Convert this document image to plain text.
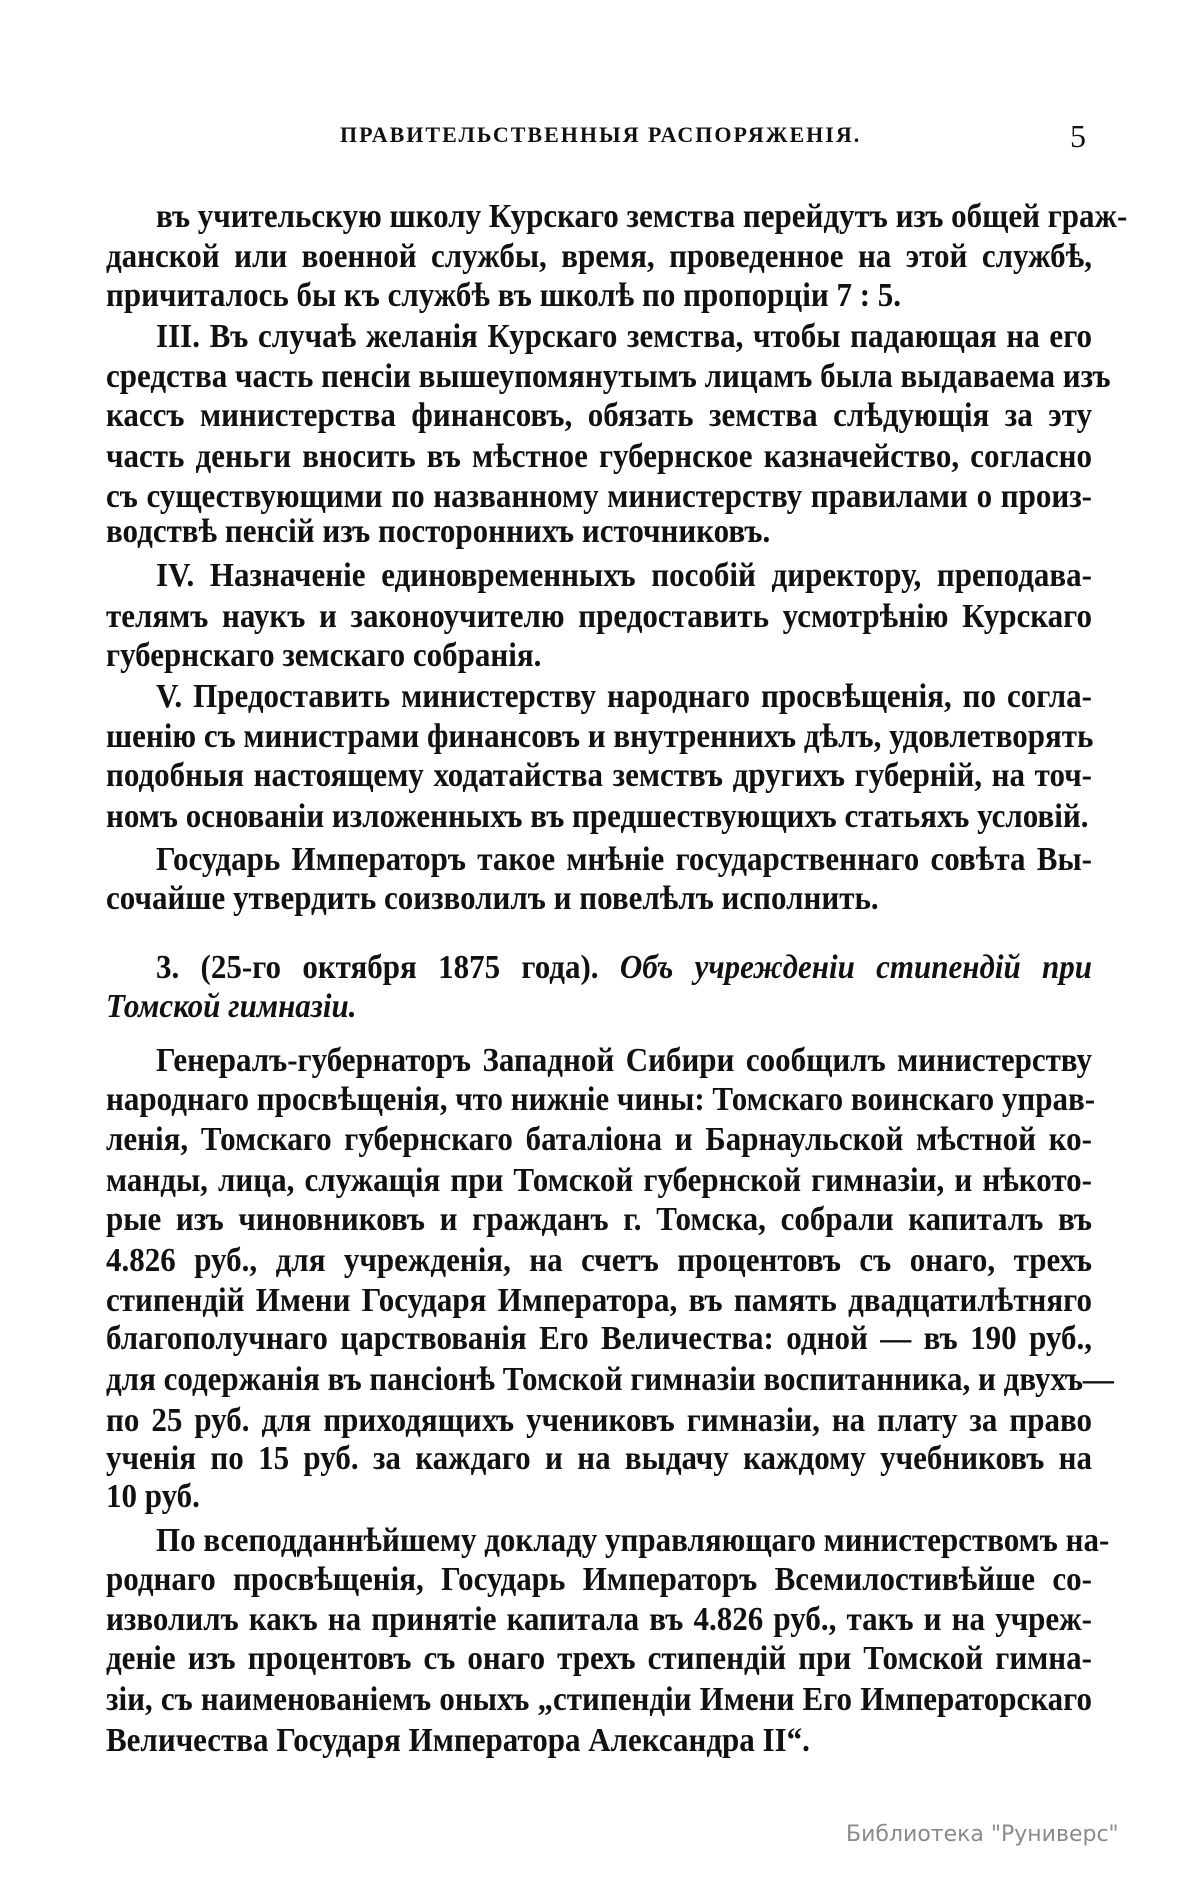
ПРАВИТЕЛЬСТВЕННЫЯ РАСПОРЯЖЕНІЯ.	5
въ учительскую школу Курскаго земства перейдутъ изъ общей граж-
данской или военной службы, время, проведенное на этой службѣ,
причиталось бы къ службѣ въ школѣ по пропорціи 7 : 5.
III. Въ случаѣ желанія Курскаго земства, чтобы падающая на его
средства часть пенсіи вышеупомянутымъ лицамъ была выдаваема изъ
кассъ министерства финансовъ, обязать земства слѣдующія за эту
часть деньги вносить въ мѣстное губернское казначейство, согласно
съ существующими по названному министерству правилами о произ-
водствѣ пенсій изъ постороннихъ источниковъ.
IV. Назначеніе единовременныхъ пособій директору, преподава-
телямъ наукъ и законоучителю предоставить усмотрѣнію Курскаго
губернскаго земскаго собранія.
V. Предоставить министерству народнаго просвѣщенія, по согла-
шенію съ министрами финансовъ и внутреннихъ дѣлъ, удовлетворять
подобныя настоящему ходатайства земствъ другихъ губерній, на точ-
номъ основаніи изложенныхъ въ предшествующихъ статьяхъ условій.
Государь Императоръ такое мнѣніе государственнаго совѣта Вы-
сочайше утвердить соизволилъ и повелѣлъ исполнить.
3. (25-го октября 1875 года). Объ учрежденіи стипендій при
Томской гимназіи.
Генералъ-губернаторъ Западной Сибири сообщилъ министерству
народнаго просвѣщенія, что нижніе чины: Томскаго воинскаго управ-
ленія, Томскаго губернскаго баталіона и Барнаульской мѣстной ко-
манды, лица, служащія при Томской губернской гимназіи, и нѣкото-
рые изъ чиновниковъ и гражданъ г. Томска, собрали капиталъ въ
4.826 руб., для учрежденія, на счетъ процентовъ съ онаго, трехъ
стипендій Имени Государя Императора, въ память двадцатилѣтняго
благополучнаго царствованія Его Величества: одной — въ 190 руб.,
для содержанія въ пансіонѣ Томской гимназіи воспитанника, и двухъ—
по 25 руб. для приходящихъ учениковъ гимназіи, на плату за право
ученія по 15 руб. за каждаго и на выдачу каждому учебниковъ на
10 руб.
По всеподданнѣйшему докладу управляющаго министерствомъ на-
роднаго просвѣщенія, Государь Императоръ Всемилостивѣйше со-
изволилъ какъ на принятіе капитала въ 4.826 руб., такъ и на учреж-
деніе изъ процентовъ съ онаго трехъ стипендій при Томской гимна-
зіи, съ наименованіемъ оныхъ „стипендіи Имени Его Императорскаго
Величества Государя Императора Александра II“.
Библиотека "Руниверс"
